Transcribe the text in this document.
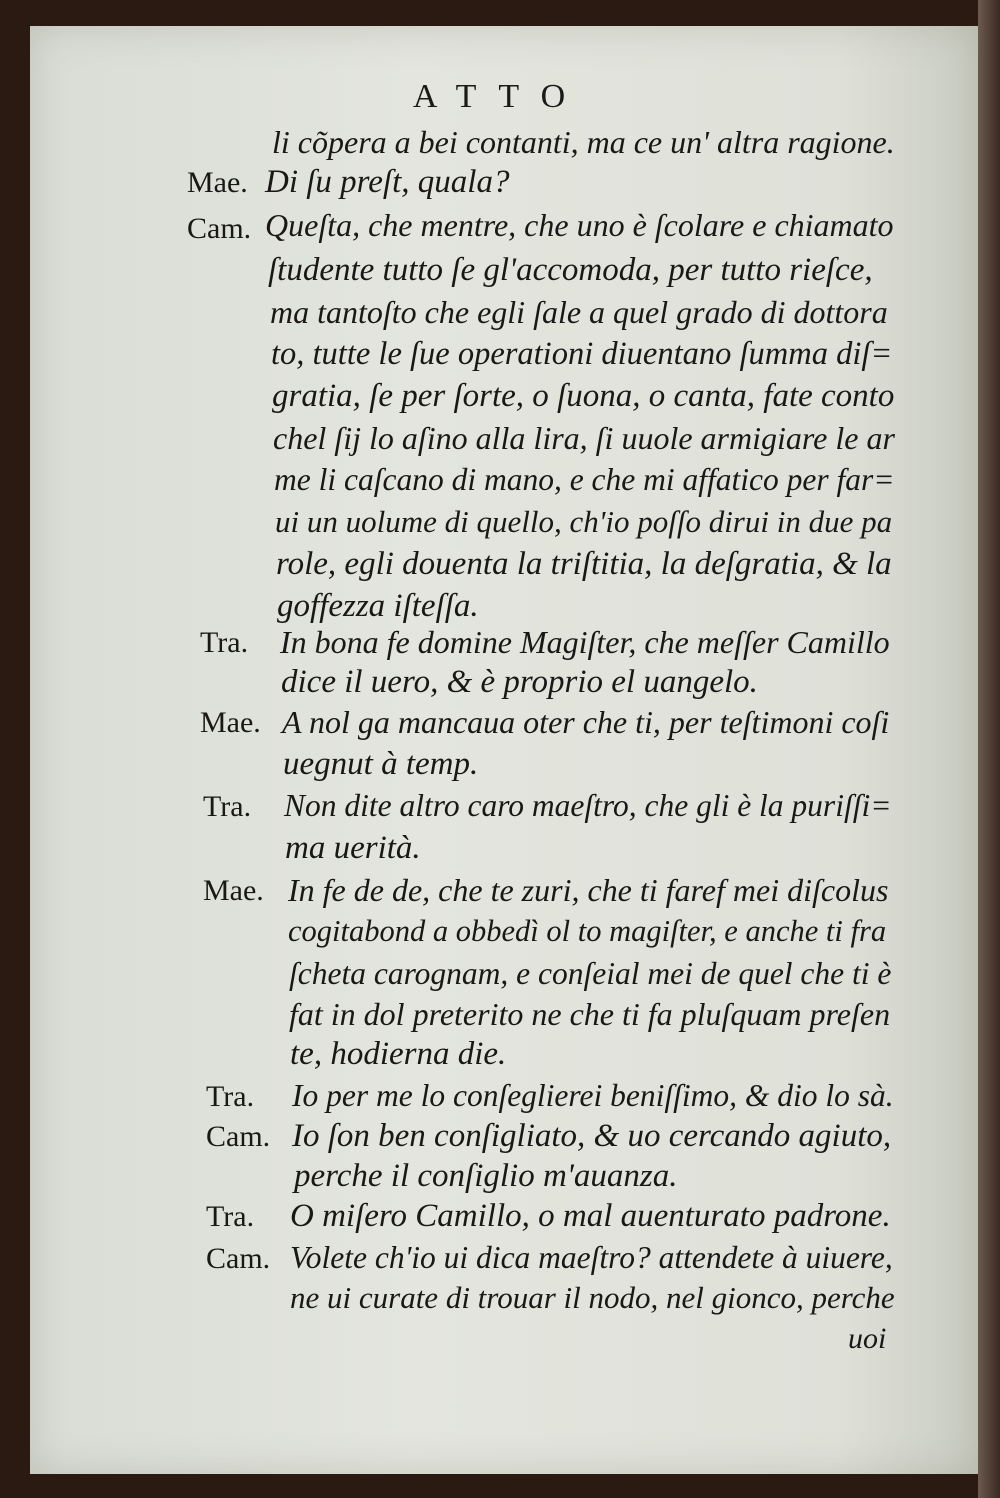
ATTO
Mae.
Cam.
Tra.
Mae.
Tra.
Mae.
Tra.
Cam.
Tra.
Cam.
li cõpera a bei contanti, ma ce un' altra ragione.
Di ſu preſt, quala?
Queſta, che mentre, che uno è ſcolare e chiamato
ſtudente tutto ſe gl'accomoda, per tutto rieſce,
ma tantoſto che egli ſale a quel grado di dottora
to, tutte le ſue operationi diuentano ſumma diſ=
gratia, ſe per ſorte, o ſuona, o canta, fate conto
chel ſij lo aſino alla lira, ſi uuole armigiare le ar
me li caſcano di mano, e che mi affatico per far=
ui un uolume di quello, ch'io poſſo dirui in due pa
role, egli douenta la triſtitia, la deſgratia, & la
goffezza iſteſſa.
In bona fe domine Magiſter, che meſſer Camillo
dice il uero, & è proprio el uangelo.
A nol ga mancaua oter che ti, per teſtimoni coſi
uegnut à temp.
Non dite altro caro maeſtro, che gli è la puriſſi=
ma uerità.
In fe de de, che te zuri, che ti faref mei diſcolus
cogitabond a obbedì ol to magiſter, e anche ti fra
ſcheta carognam, e conſeial mei de quel che ti è
fat in dol preterito ne che ti fa pluſquam preſen
te, hodierna die.
Io per me lo conſeglierei beniſſimo, & dio lo sà.
Io ſon ben conſigliato, & uo cercando agiuto,
perche il conſiglio m'auanza.
O miſero Camillo, o mal auenturato padrone.
Volete ch'io ui dica maeſtro? attendete à uiuere,
ne ui curate di trouar il nodo, nel gionco, perche
uoi
